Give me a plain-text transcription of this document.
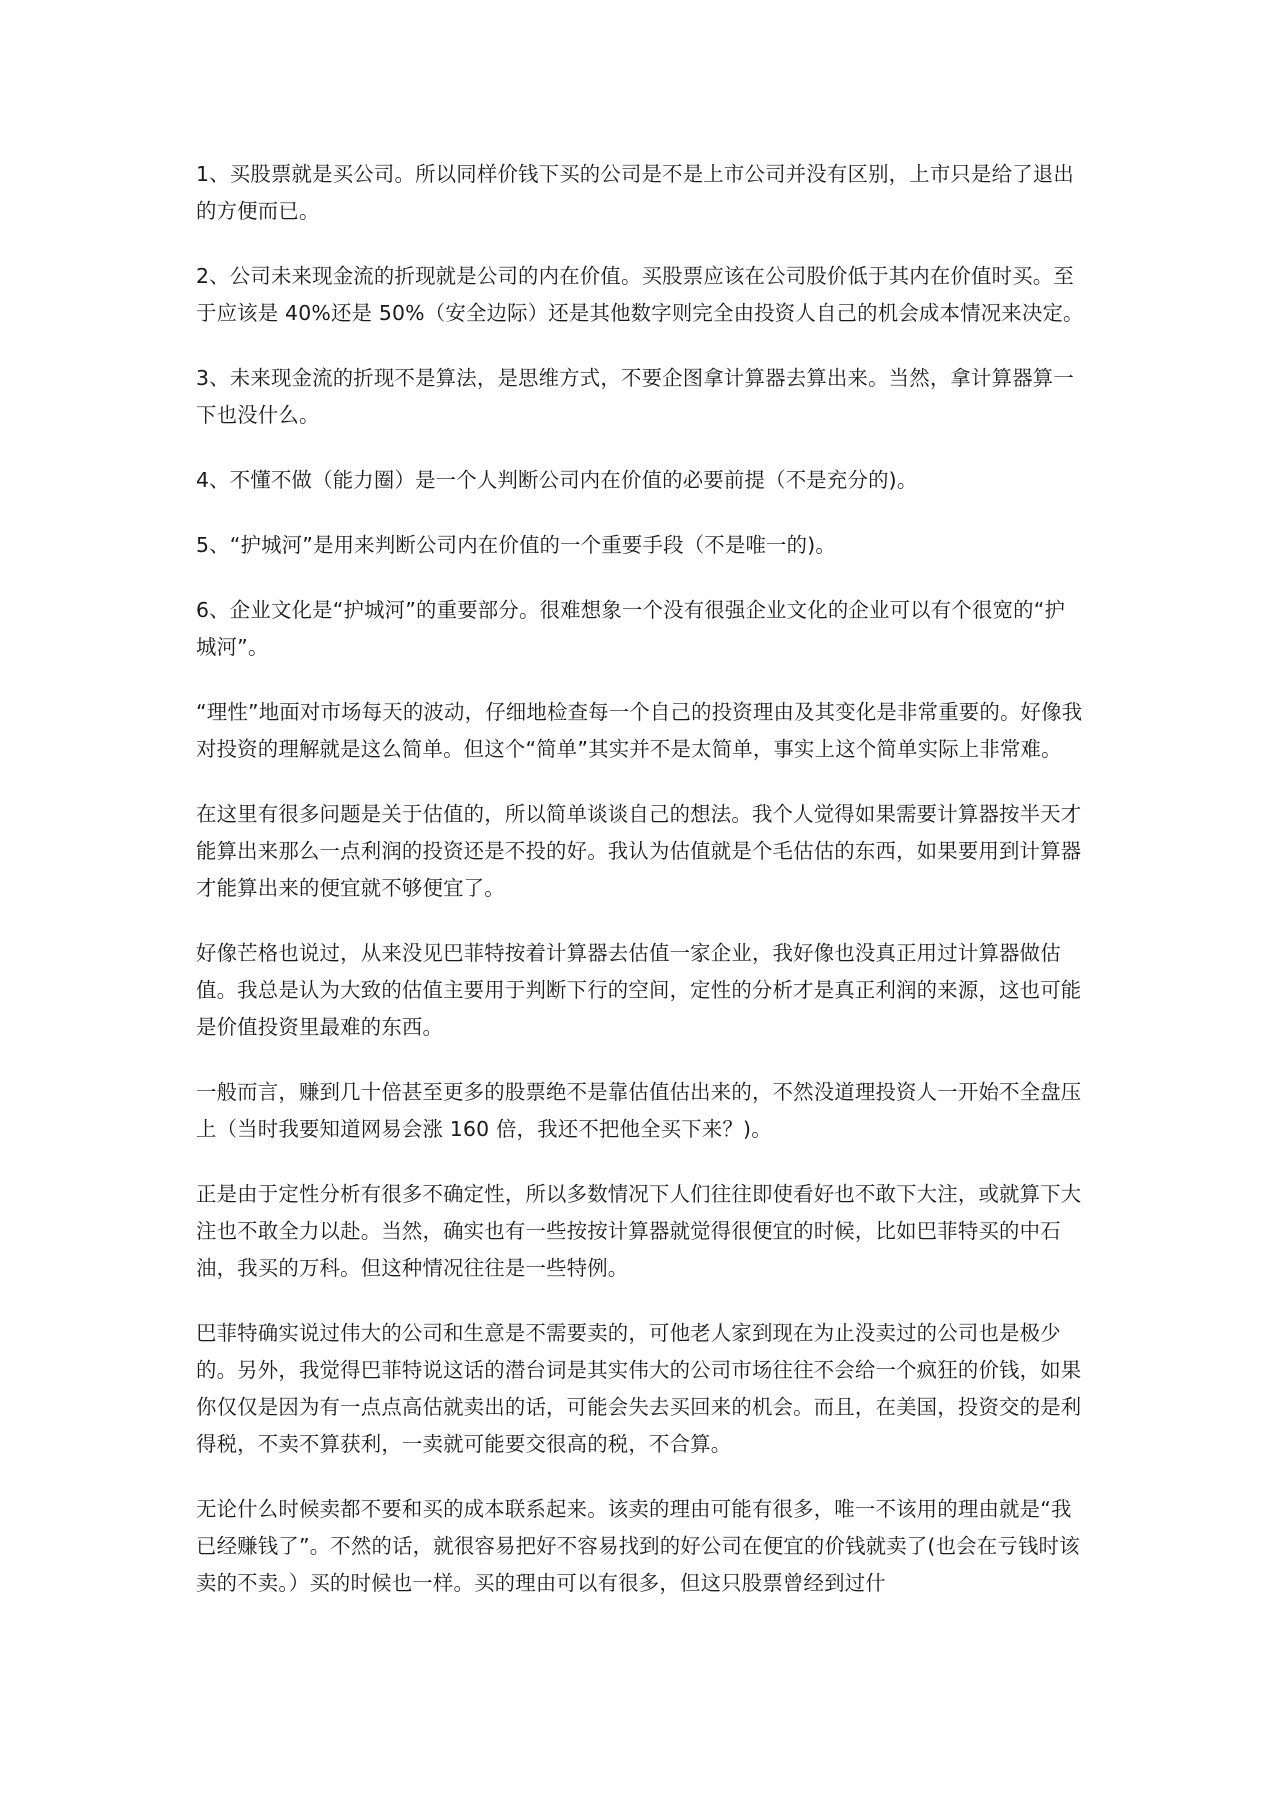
1、买股票就是买公司。所以同样价钱下买的公司是不是上市公司并没有区别，上市只是给了退出的方便而已。

2、公司未来现金流的折现就是公司的内在价值。买股票应该在公司股价低于其内在价值时买。至于应该是 40%还是 50%（安全边际）还是其他数字则完全由投资人自己的机会成本情况来决定。

3、未来现金流的折现不是算法，是思维方式，不要企图拿计算器去算出来。当然，拿计算器算一下也没什么。

4、不懂不做（能力圈）是一个人判断公司内在价值的必要前提（不是充分的)。

5、“护城河”是用来判断公司内在价值的一个重要手段（不是唯一的)。

6、企业文化是“护城河”的重要部分。很难想象一个没有很强企业文化的企业可以有个很宽的“护城河”。

“理性”地面对市场每天的波动，仔细地检查每一个自己的投资理由及其变化是非常重要的。好像我对投资的理解就是这么简单。但这个“简单”其实并不是太简单，事实上这个简单实际上非常难。

在这里有很多问题是关于估值的，所以简单谈谈自己的想法。我个人觉得如果需要计算器按半天才能算出来那么一点利润的投资还是不投的好。我认为估值就是个毛估估的东西，如果要用到计算器才能算出来的便宜就不够便宜了。

好像芒格也说过，从来没见巴菲特按着计算器去估值一家企业，我好像也没真正用过计算器做估值。我总是认为大致的估值主要用于判断下行的空间，定性的分析才是真正利润的来源，这也可能是价值投资里最难的东西。

一般而言，赚到几十倍甚至更多的股票绝不是靠估值估出来的，不然没道理投资人一开始不全盘压上（当时我要知道网易会涨 160 倍，我还不把他全买下来？)。

正是由于定性分析有很多不确定性，所以多数情况下人们往往即使看好也不敢下大注，或就算下大注也不敢全力以赴。当然，确实也有一些按按计算器就觉得很便宜的时候，比如巴菲特买的中石油，我买的万科。但这种情况往往是一些特例。

巴菲特确实说过伟大的公司和生意是不需要卖的，可他老人家到现在为止没卖过的公司也是极少的。另外，我觉得巴菲特说这话的潜台词是其实伟大的公司市场往往不会给一个疯狂的价钱，如果你仅仅是因为有一点点高估就卖出的话，可能会失去买回来的机会。而且，在美国，投资交的是利得税，不卖不算获利，一卖就可能要交很高的税，不合算。

无论什么时候卖都不要和买的成本联系起来。该卖的理由可能有很多，唯一不该用的理由就是“我已经赚钱了”。不然的话，就很容易把好不容易找到的好公司在便宜的价钱就卖了(也会在亏钱时该卖的不卖。）买的时候也一样。买的理由可以有很多，但这只股票曾经到过什
